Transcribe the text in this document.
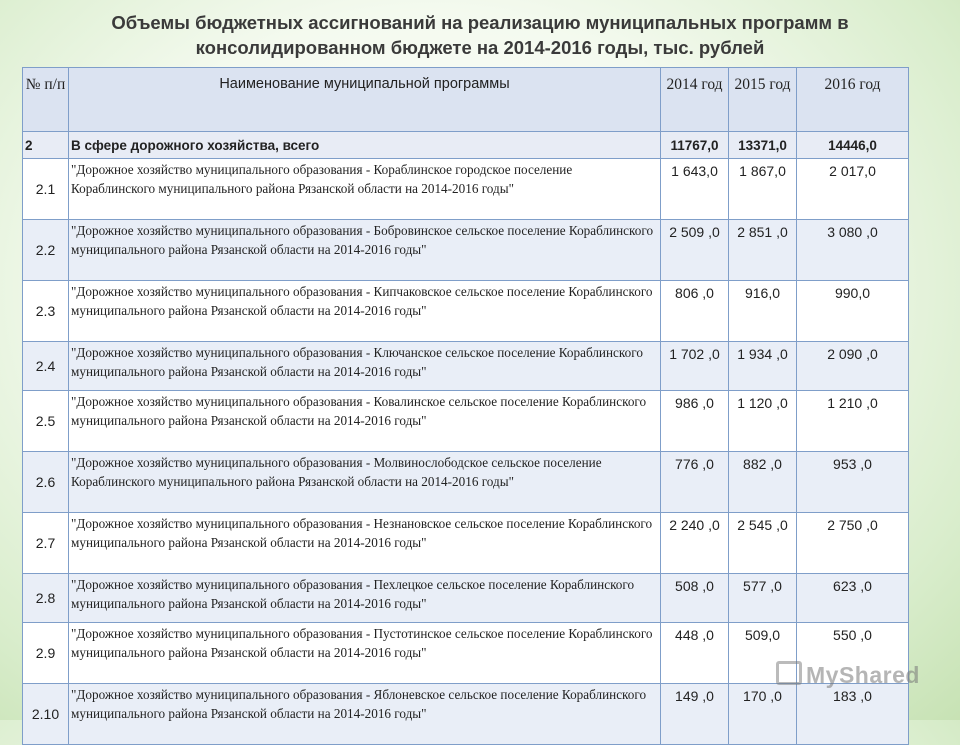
Объемы бюджетных ассигнований на реализацию муниципальных программ в
консолидированном бюджете на 2014-2016 годы, тыс. рублей
№ п/п	Наименование муниципальной программы	2014 год	2015 год	2016 год
2	В сфере дорожного хозяйства, всего	11767,0	13371,0	14446,0
2.1	"Дорожное хозяйство муниципального образования - Кораблинское городское поселение Кораблинского муниципального района Рязанской области на 2014-2016 годы"	1 643,0	1 867,0	2 017,0
2.2	"Дорожное хозяйство муниципального образования - Бобровинское сельское поселение Кораблинского муниципального района Рязанской области на 2014-2016 годы"	2 509 ,0	2 851 ,0	3 080 ,0
2.3	"Дорожное хозяйство муниципального образования - Кипчаковское сельское поселение Кораблинского муниципального района Рязанской области на 2014-2016 годы"	806 ,0	916,0	990,0
2.4	"Дорожное хозяйство муниципального образования - Ключанское сельское поселение Кораблинского муниципального района Рязанской области на 2014-2016 годы"	1 702 ,0	1 934 ,0	2 090 ,0
2.5	"Дорожное хозяйство муниципального образования - Ковалинское сельское поселение Кораблинского муниципального района Рязанской области на 2014-2016 годы"	986 ,0	1 120 ,0	1 210 ,0
2.6	"Дорожное хозяйство муниципального образования - Молвинослободское сельское поселение Кораблинского муниципального района Рязанской области на 2014-2016 годы"	776 ,0	882 ,0	953 ,0
2.7	"Дорожное хозяйство муниципального образования - Незнановское сельское поселение Кораблинского муниципального района Рязанской области на 2014-2016 годы"	2 240 ,0	2 545 ,0	2 750 ,0
2.8	"Дорожное хозяйство муниципального образования - Пехлецкое сельское поселение Кораблинского муниципального района Рязанской области на 2014-2016 годы"	508 ,0	577 ,0	623 ,0
2.9	"Дорожное хозяйство муниципального образования - Пустотинское сельское поселение Кораблинского муниципального района Рязанской области на 2014-2016 годы"	448 ,0	509,0	550 ,0
2.10	"Дорожное хозяйство муниципального образования - Яблоневское сельское поселение Кораблинского муниципального района Рязанской области на 2014-2016 годы"	149 ,0	170 ,0	183 ,0
MyShared
